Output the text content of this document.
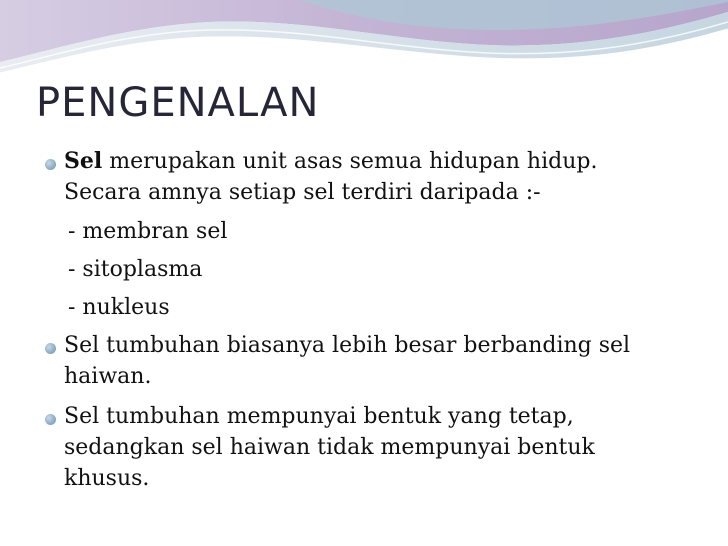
PENGENALAN
Sel merupakan unit asas semua hidupan hidup.
Secara amnya setiap sel terdiri daripada :-
- membran sel
- sitoplasma
- nukleus
Sel tumbuhan biasanya lebih besar berbanding sel
haiwan.
Sel tumbuhan mempunyai bentuk yang tetap,
sedangkan sel haiwan tidak mempunyai bentuk
khusus.
